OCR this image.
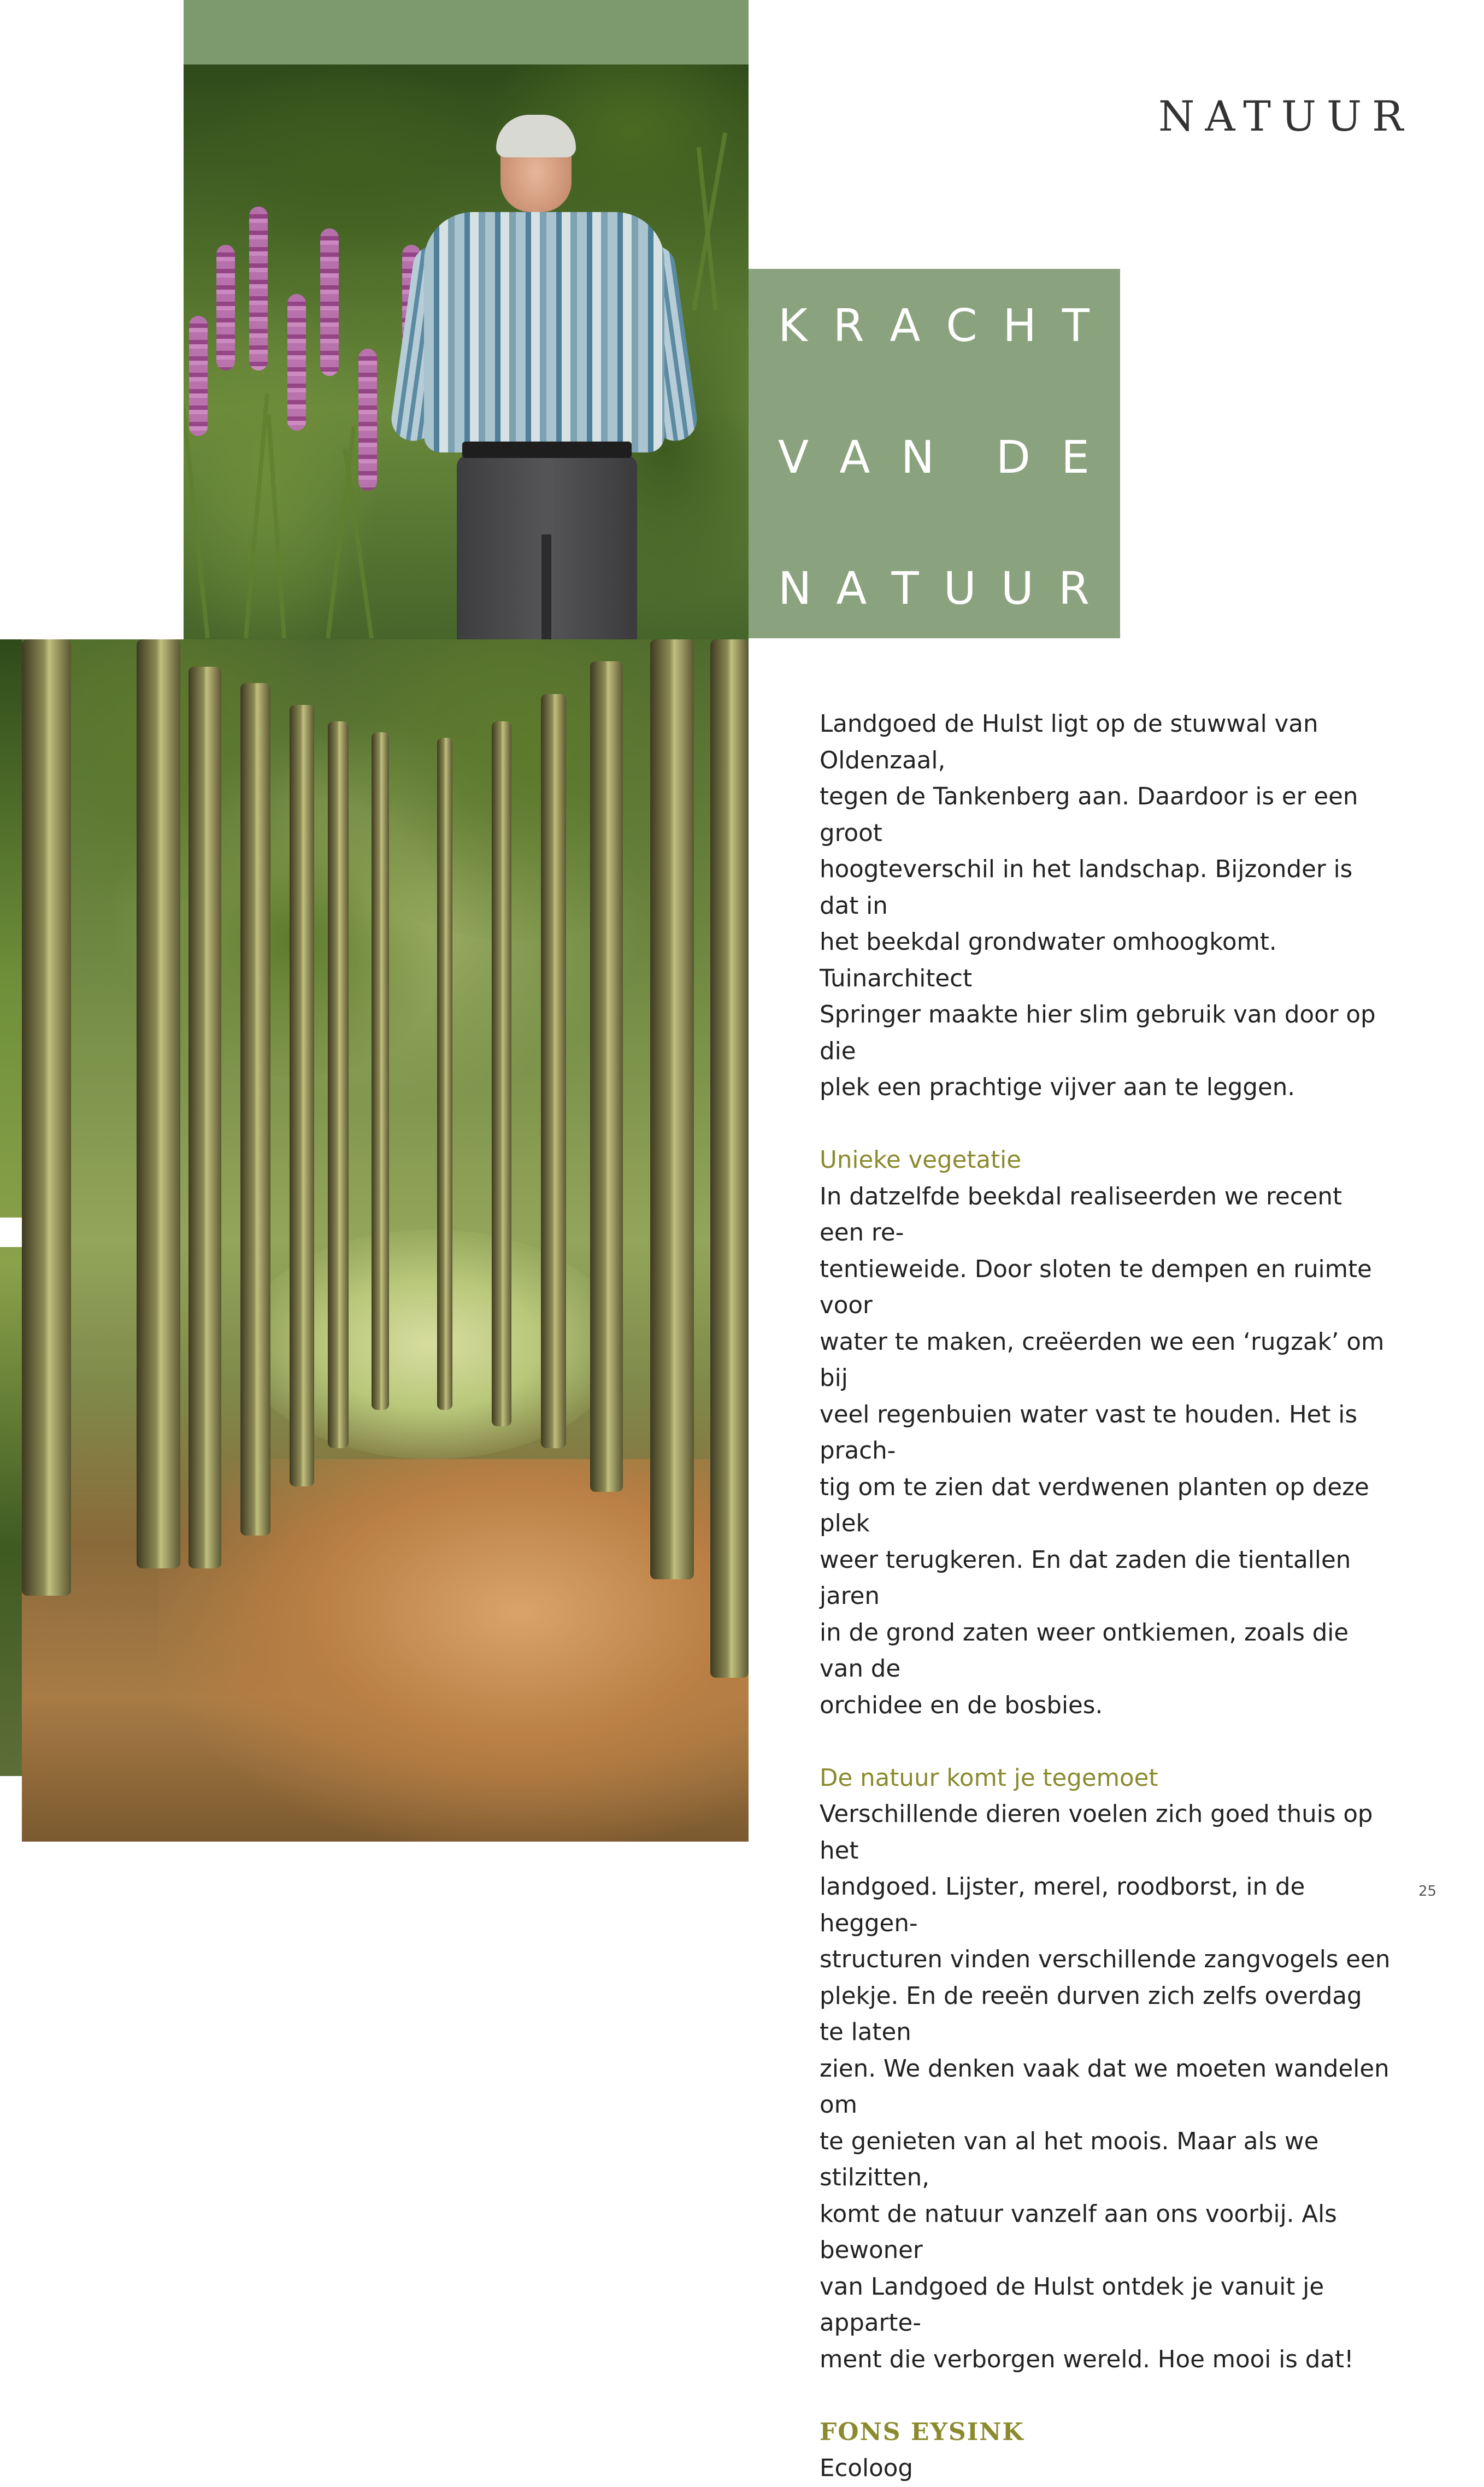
NATUUR
K R A C H T
V A N D E
N A T U U R

Landgoed de Hulst ligt op de stuwwal van Oldenzaal,

tegen de Tankenberg aan. Daardoor is er een groot

hoogteverschil in het landschap. Bijzonder is dat in

het beekdal grondwater omhoogkomt. Tuinarchitect

Springer maakte hier slim gebruik van door op die

plek een prachtige vijver aan te leggen.

Unieke vegetatie

In datzelfde beekdal realiseerden we recent een re-

tentieweide. Door sloten te dempen en ruimte voor

water te maken, creëerden we een ‘rugzak’ om bij

veel regenbuien water vast te houden. Het is prach-

tig om te zien dat verdwenen planten op deze plek

weer terugkeren. En dat zaden die tientallen jaren

in de grond zaten weer ontkiemen, zoals die van de

orchidee en de bosbies.

De natuur komt je tegemoet

Verschillende dieren voelen zich goed thuis op het

landgoed. Lijster, merel, roodborst, in de heggen-

structuren vinden verschillende zangvogels een

plekje. En de reeën durven zich zelfs overdag te laten

zien. We denken vaak dat we moeten wandelen om

te genieten van al het moois. Maar als we stilzitten,

komt de natuur vanzelf aan ons voorbij. Als bewoner

van Landgoed de Hulst ontdek je vanuit je apparte-

ment die verborgen wereld. Hoe mooi is dat!

FONS EYSINK

Ecoloog

25
